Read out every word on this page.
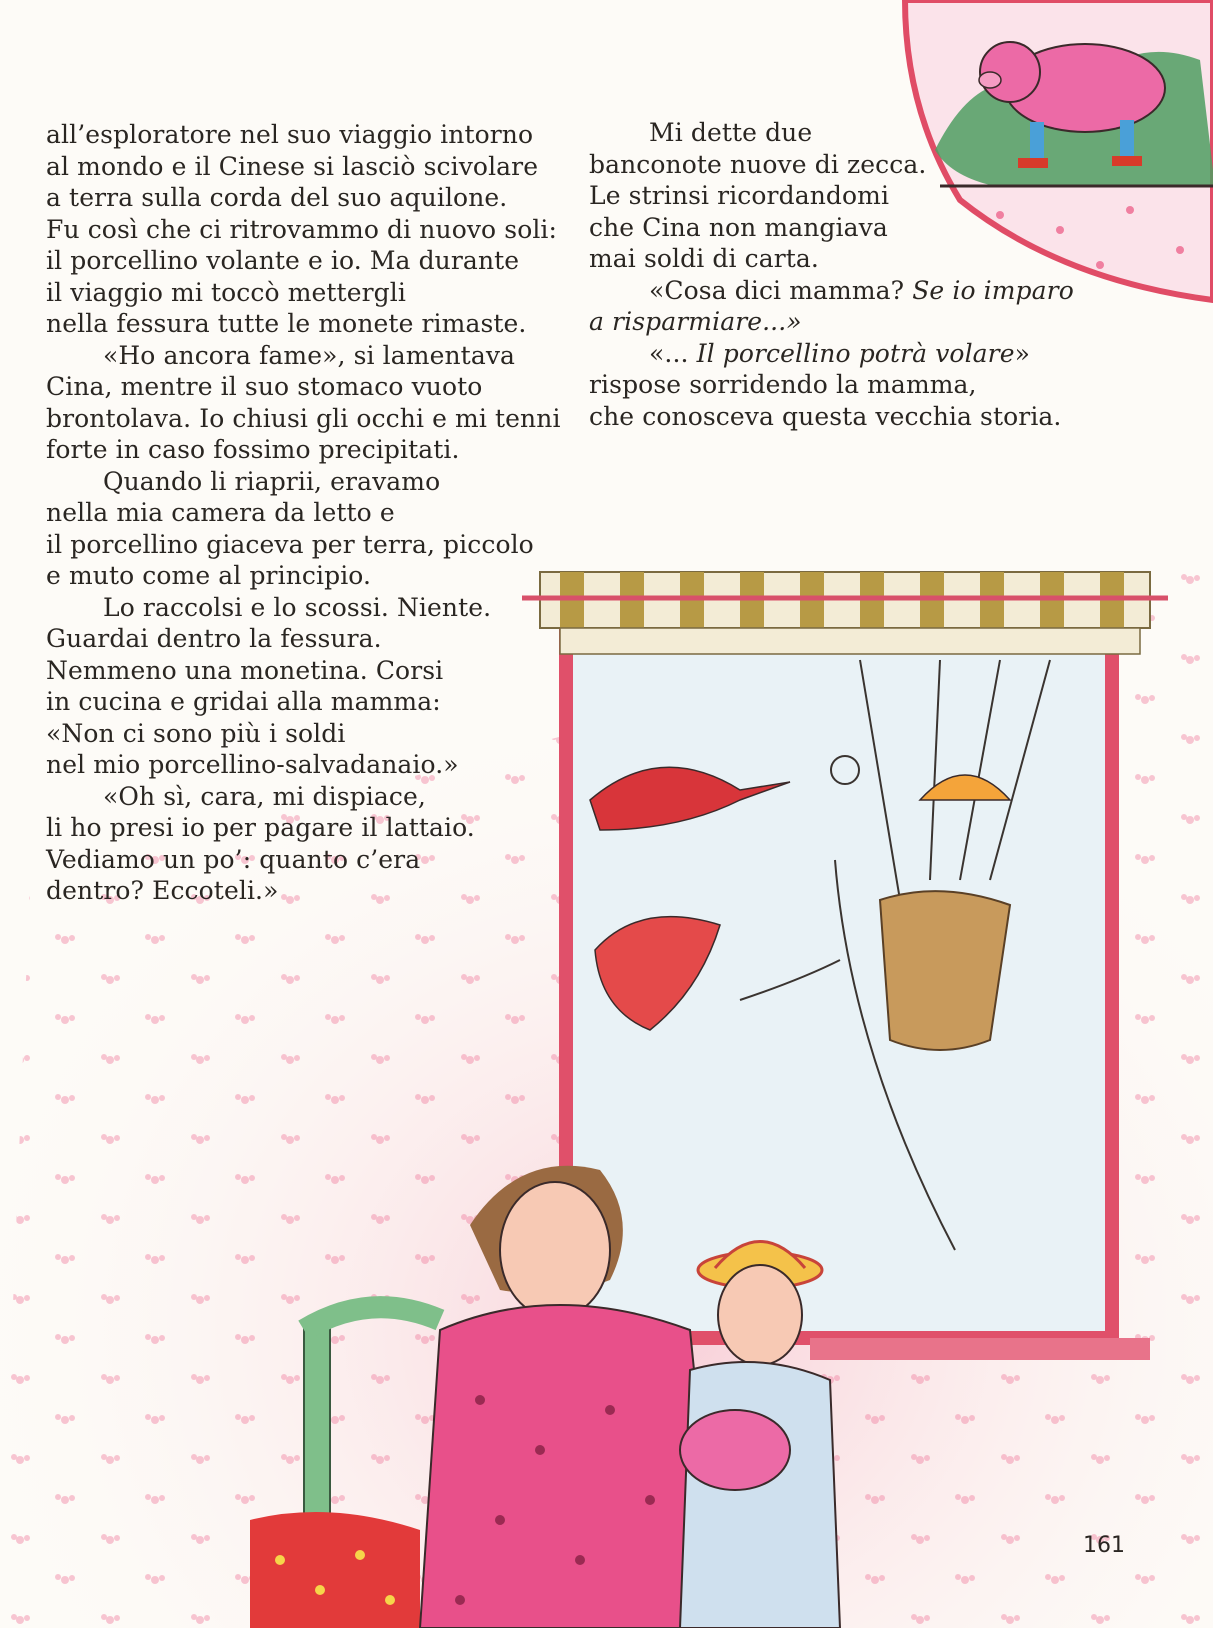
all’esploratore nel suo viaggio intorno

al mondo e il Cinese si lasciò scivolare

a terra sulla corda del suo aquilone.

Fu così che ci ritrovammo di nuovo soli:

il porcellino volante e io. Ma durante

il viaggio mi toccò mettergli

nella fessura tutte le monete rimaste.

«Ho ancora fame», si lamentava

Cina, mentre il suo stomaco vuoto

brontolava. Io chiusi gli occhi e mi tenni

forte in caso fossimo precipitati.

Quando li riaprii, eravamo

nella mia camera da letto e

il porcellino giaceva per terra, piccolo

e muto come al principio.

Lo raccolsi e lo scossi. Niente.

Guardai dentro la fessura.

Nemmeno una monetina. Corsi

in cucina e gridai alla mamma:

«Non ci sono più i soldi

nel mio porcellino-salvadanaio.»

«Oh sì, cara, mi dispiace,

li ho presi io per pagare il lattaio.

Vediamo un po’: quanto c’era

dentro? Eccoteli.»

Mi dette due

banconote nuove di zecca.

Le strinsi ricordandomi

che Cina non mangiava

mai soldi di carta.

«Cosa dici mamma? Se io imparo

a risparmiare...»

«... Il porcellino potrà volare»

rispose sorridendo la mamma,

che conosceva questa vecchia storia.

161
